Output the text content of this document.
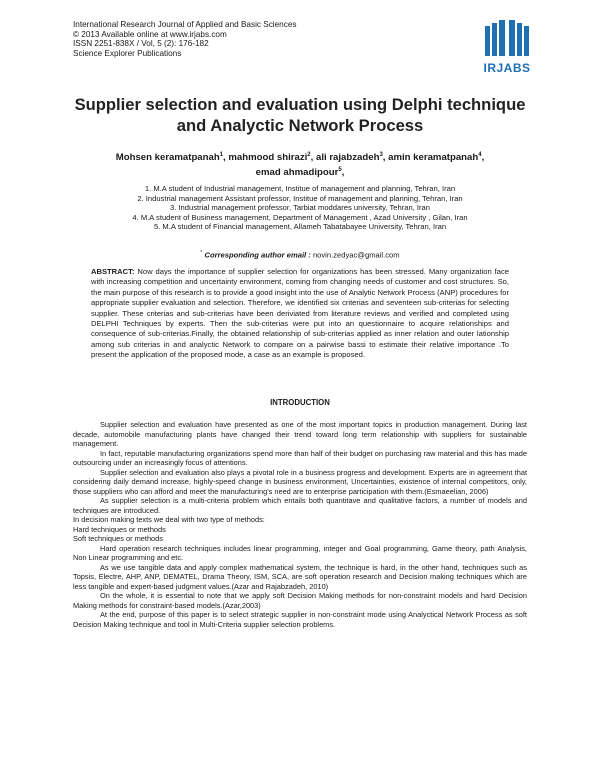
International Research Journal of Applied and Basic Sciences
© 2013 Available online at www.irjabs.com
ISSN 2251-838X / Vol, 5 (2): 176-182
Science Explorer Publications
IRJABS
Supplier selection and evaluation using Delphi technique and Analyctic Network Process
Mohsen keramatpanah$^1$, mahmood shirazi$^2$, ali rajabzadeh$^3$, amin keramatpanah$^4$,
emad ahmadipour$^5$,
1. M.A student of Industrial management, Institue of management and planning, Tehran, Iran
2. Industrial management Assistant professor, Institue of management and planning, Tehran, Iran
3. Industrial management professor, Tarbiat moddares university, Tehran, Iran
4. M.A student of Business management, Department of Management , Azad University , Gilan, Iran
5. M.A student of Financial management, Allameh Tabatabayee University, Tehran, Iran
* Corresponding author email : novin.zedyac@gmail.com
ABSTRACT: Now days the importance of supplier selection for organizations has been stressed. Many organization face with increasing competition and uncertainty environment, coming from changing needs of customer and cost structures. So, the main purpose of this research is to provide a good insight into the use of Analytic Network Process (ANP) procedures for appropriate supplier evaluation and selection. Therefore, we identified six criterias and seventeen sub-criterias for selecting supplier. These criterias and sub-criterias have been deriviated from literature reviews and verified and completed using DELPHI Techniques by experts. Then the sub-criterias were put into an questionnaire to acquire relationships and consequence of sub-criterias.Finally, the obtained relationship of sub-criterias applied as inner relation and outer lationship among sub criterias in and analyctic Network to compare on a pairwise bassi to estimate their relative importance .To present the application of the proposed mode, a case as an example is proposed.
INTRODUCTION

Supplier selection and evaluation have presented as one of the most important topics in production management. During last decade, automobile manufacturing plants have changed their trend toward long term relationship with suppliers for sustainable management.

In fact, reputable manufacturing organizations spend more than half of their budget on purchasing raw material and this has made outsourcing under an increasingly focus of attentions.

Supplier selection and evaluation also plays a pivotal role in a business progress and development. Experts are in agreement that considering daily demand increase, highly-speed change in business environment, Uncertainties, existence of internal competitors, only, those suppliers who can afford and meet the manufacturing's need are to enterprise participation with them.(Esmaeelian, 2006)

As supplier selection is a multi-criteria problem which entails both quantitave and qualitative factors, a number of models and techniques are introduced.

In decision making texts we deal with two type of methods:

Hard techniques or methods

Soft techniques or methods

Hard operation research techniques includes linear programming, integer and Goal programming, Game theory, path Analysis, Non Linear programming and etc.

As we use tangible data and apply complex mathematical system, the technique is hard, in the other hand, techniques such as Topsis, Electre, AHP, ANP, DEMATEL, Drama Theory, ISM, SCA, are soft operation research and Decision making techniques which are less tangible and expert-based judgment values.(Azar and Rajabzadeh, 2010)

On the whole, it is essential to note that we apply soft Decision Making methods for non-constraint models and hard Decision Making methods for constraint-based models.(Azar,2003)

At the end, purpose of this paper is to select strategic supplier in non-constraint mode using Analyctical Network Process as soft Decision Making technique and tool in Multi-Criteria supplier selection problems.
